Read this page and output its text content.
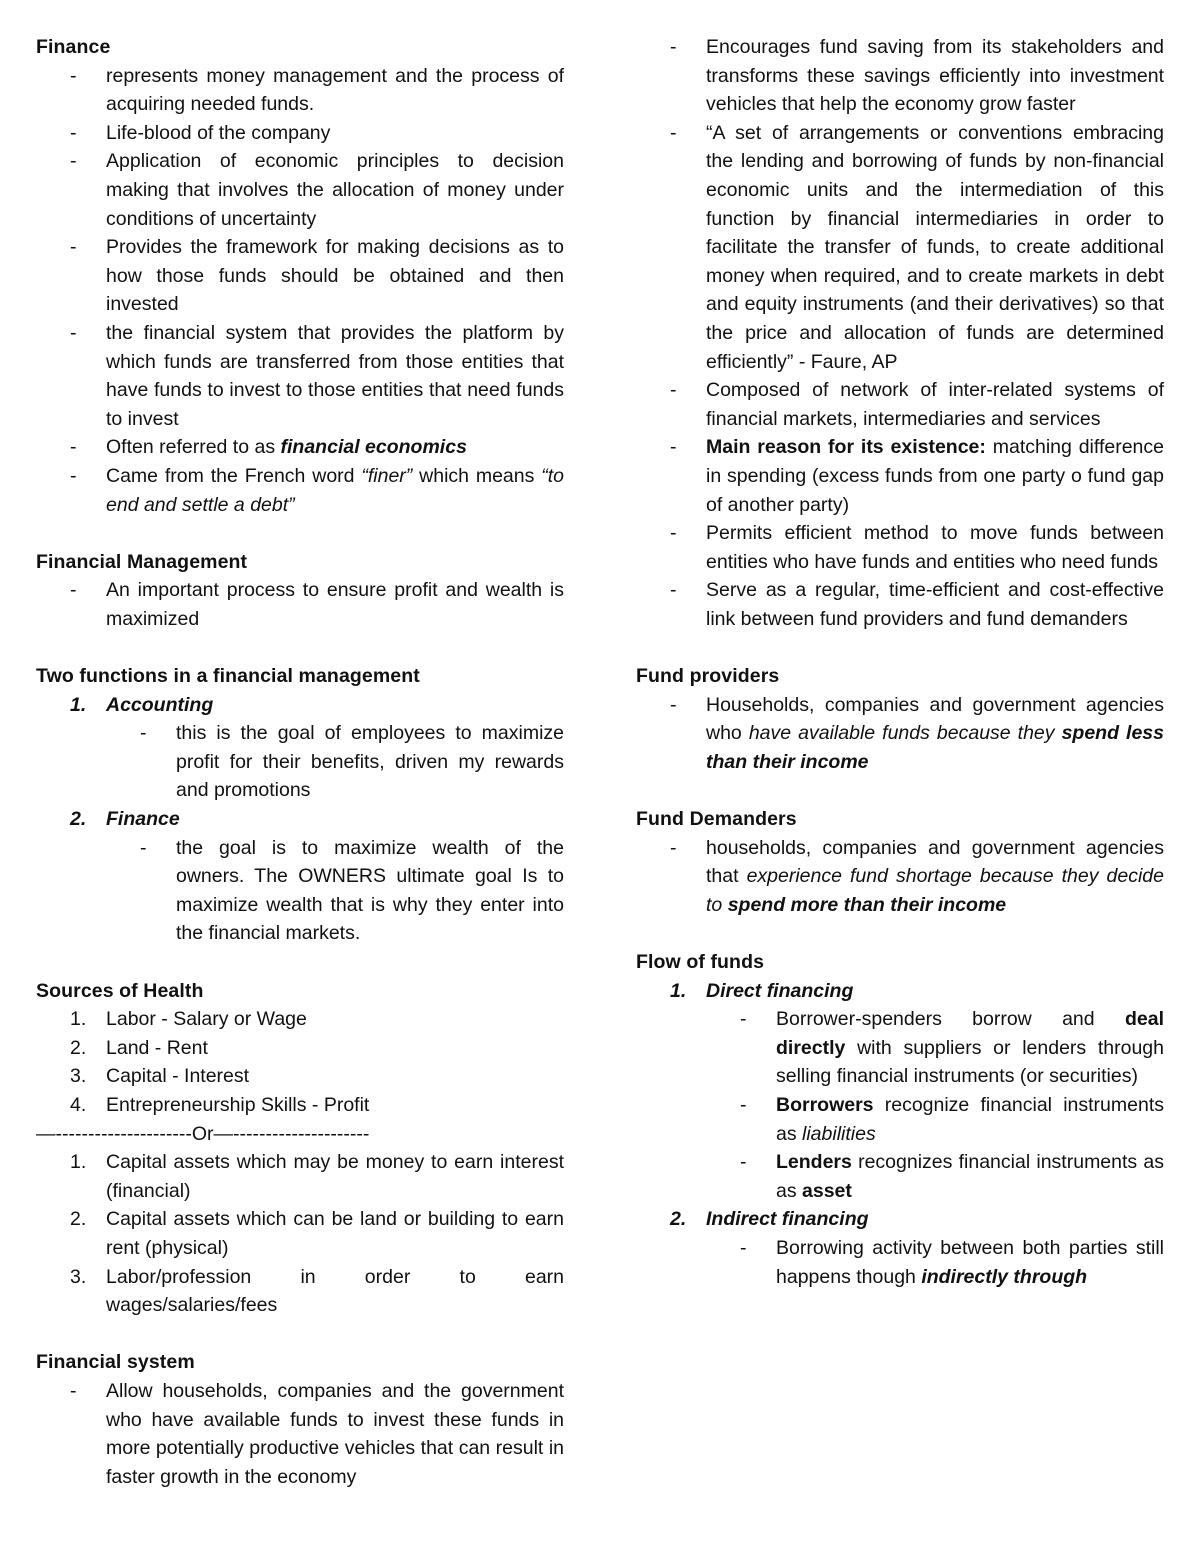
Finance
- represents money management and the process of acquiring needed funds.
- Life-blood of the company
- Application of economic principles to decision making that involves the allocation of money under conditions of uncertainty
- Provides the framework for making decisions as to how those funds should be obtained and then invested
- the financial system that provides the platform by which funds are transferred from those entities that have funds to invest to those entities that need funds to invest
- Often referred to as financial economics
- Came from the French word “finer” which means “to end and settle a debt”
Financial Management
- An important process to ensure profit and wealth is maximized
Two functions in a financial management
1. Accounting
- this is the goal of employees to maximize profit for their benefits, driven my rewards and promotions
2. Finance
- the goal is to maximize wealth of the owners. The OWNERS ultimate goal Is to maximize wealth that is why they enter into the financial markets.
Sources of Health
1. Labor - Salary or Wage
2. Land - Rent
3. Capital - Interest
4. Entrepreneurship Skills - Profit
—---------------------Or—---------------------
1. Capital assets which may be money to earn interest (financial)
2. Capital assets which can be land or building to earn rent (physical)
3. Labor/profession in order to earn wages/salaries/fees
Financial system
- Allow households, companies and the government who have available funds to invest these funds in more potentially productive vehicles that can result in faster growth in the economy
- Encourages fund saving from its stakeholders and transforms these savings efficiently into investment vehicles that help the economy grow faster
- “A set of arrangements or conventions embracing the lending and borrowing of funds by non-financial economic units and the intermediation of this function by financial intermediaries in order to facilitate the transfer of funds, to create additional money when required, and to create markets in debt and equity instruments (and their derivatives) so that the price and allocation of funds are determined efficiently” - Faure, AP
- Composed of network of inter-related systems of financial markets, intermediaries and services
- Main reason for its existence: matching difference in spending (excess funds from one party o fund gap of another party)
- Permits efficient method to move funds between entities who have funds and entities who need funds
- Serve as a regular, time-efficient and cost-effective link between fund providers and fund demanders
Fund providers
- Households, companies and government agencies who have available funds because they spend less than their income
Fund Demanders
- households, companies and government agencies that experience fund shortage because they decide to spend more than their income
Flow of funds
1. Direct financing
- Borrower-spenders borrow and deal directly with suppliers or lenders through selling financial instruments (or securities)
- Borrowers recognize financial instruments as liabilities
- Lenders recognizes financial instruments as as asset
2. Indirect financing
- Borrowing activity between both parties still happens though indirectly through
